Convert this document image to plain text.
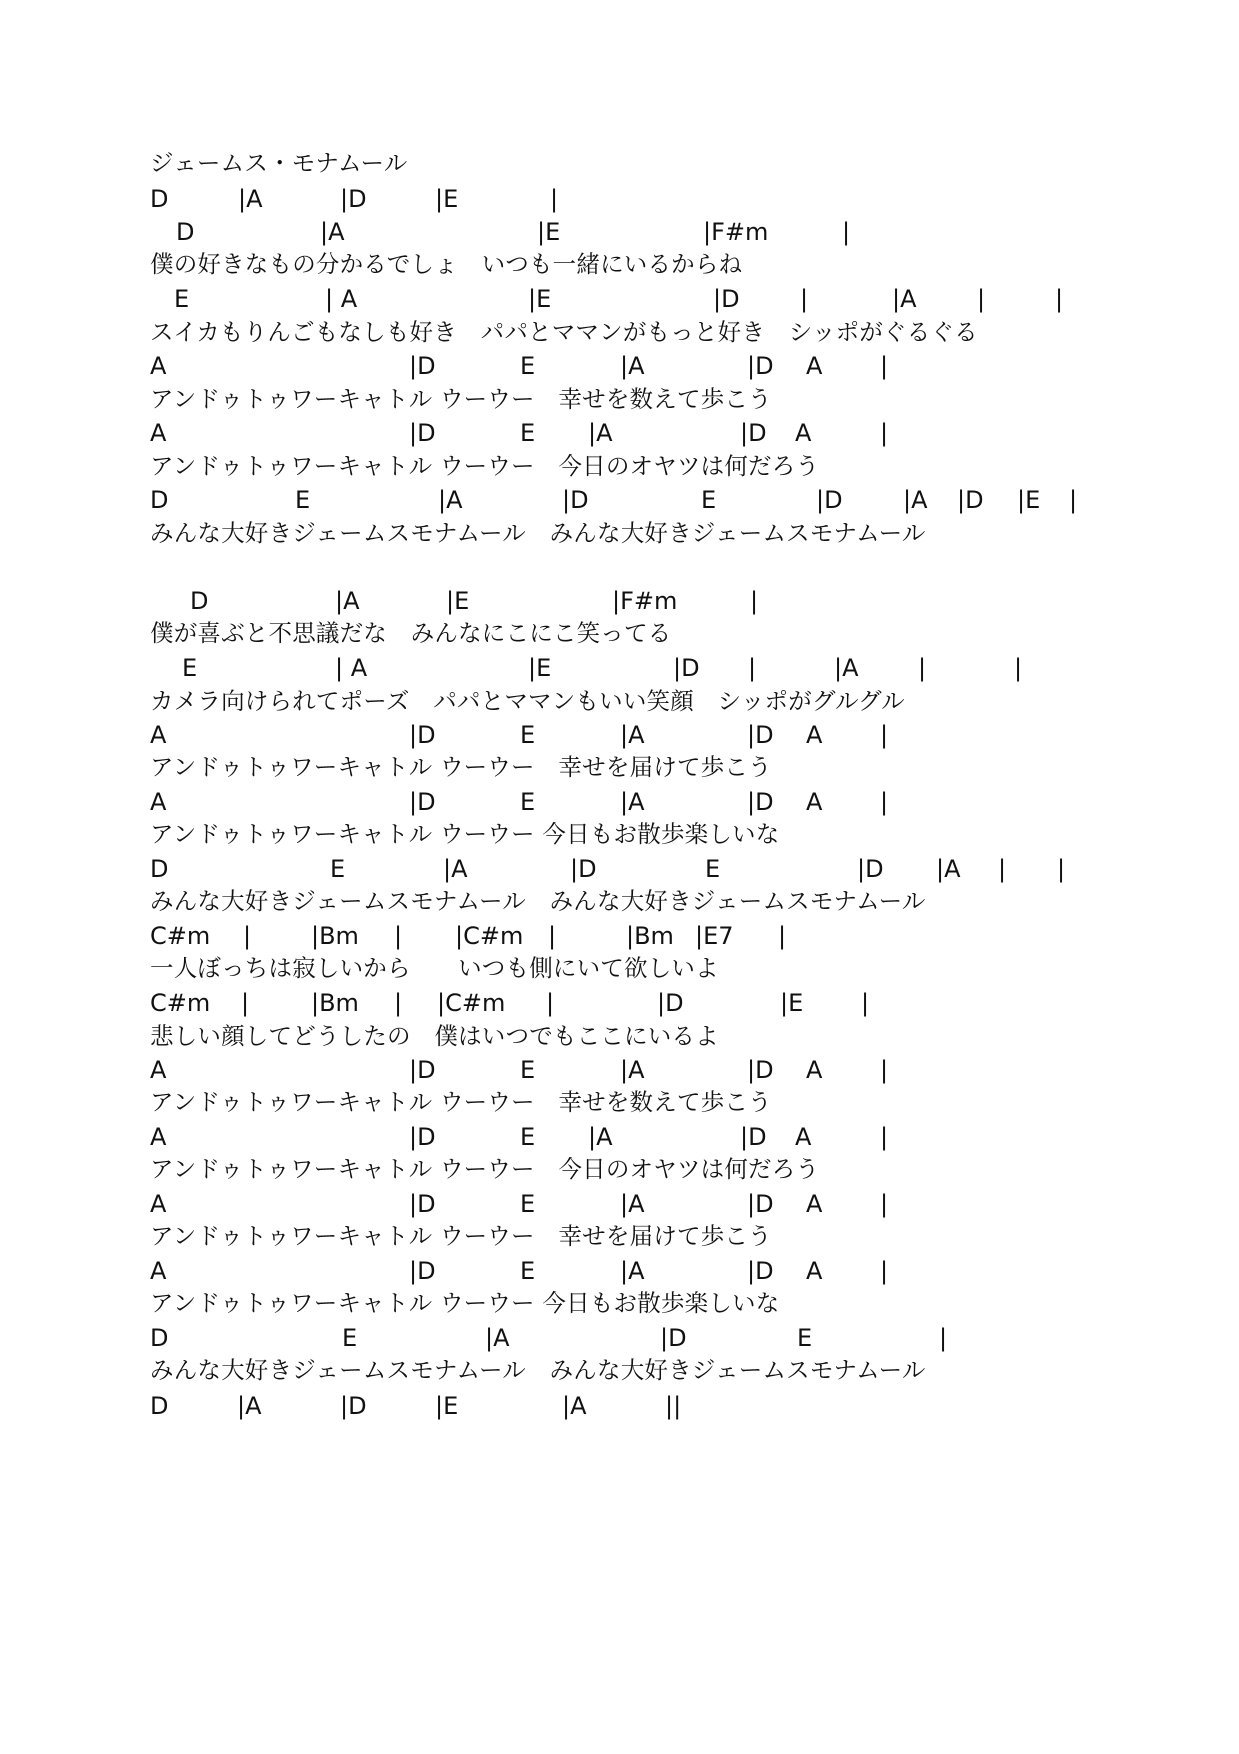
ジェームス・モナムール
D	|A	|D	|E	|
D	|A	|E	|F#m	|
僕の好きなもの分かるでしょ　いつも一緒にいるからね
E	| A	|E	|D	|	|A	|	|
スイカもりんごもなしも好き　パパとママンがもっと好き　シッポがぐるぐる
A	|D	E	|A	|D A |
アンドゥトゥワーキャトル ウーウー　幸せを数えて歩こう
A	|D	E |A	|D A	|
アンドゥトゥワーキャトル ウーウー　今日のオヤツは何だろう
D	E	|A	|D	E	|D	|A |D |E |
みんな大好きジェームスモナムール　みんな大好きジェームスモナムール
D	|A	|E	|F#m	|
僕が喜ぶと不思議だな　みんなにこにこ笑ってる
E	| A	|E	|D |	|A |	|
カメラ向けられてポーズ　パパとママンもいい笑顔　シッポがグルグル
A	|D	E	|A	|D A |
アンドゥトゥワーキャトル ウーウー　幸せを届けて歩こう
A	|D	E	|A	|D A |
アンドゥトゥワーキャトル ウーウー 今日もお散歩楽しいな
D	E	|A	|D	E	|D |A | |
みんな大好きジェームスモナムール　みんな大好きジェームスモナムール
C#m | |Bm | |C#m |	|Bm |E7 |
一人ぼっちは寂しいから　　いつも側にいて欲しいよ
C#m |	|Bm | |C#m |	|D	|E |
悲しい顔してどうしたの　僕はいつでもここにいるよ
A	|D	E	|A	|D A |
アンドゥトゥワーキャトル ウーウー　幸せを数えて歩こう
A	|D	E |A	|D A	|
アンドゥトゥワーキャトル ウーウー　今日のオヤツは何だろう
A	|D	E	|A	|D A |
アンドゥトゥワーキャトル ウーウー　幸せを届けて歩こう
A	|D	E	|A	|D A |
アンドゥトゥワーキャトル ウーウー 今日もお散歩楽しいな
D	E	|A	|D	E	|
みんな大好きジェームスモナムール　みんな大好きジェームスモナムール
D	|A	|D	|E	|A	||
